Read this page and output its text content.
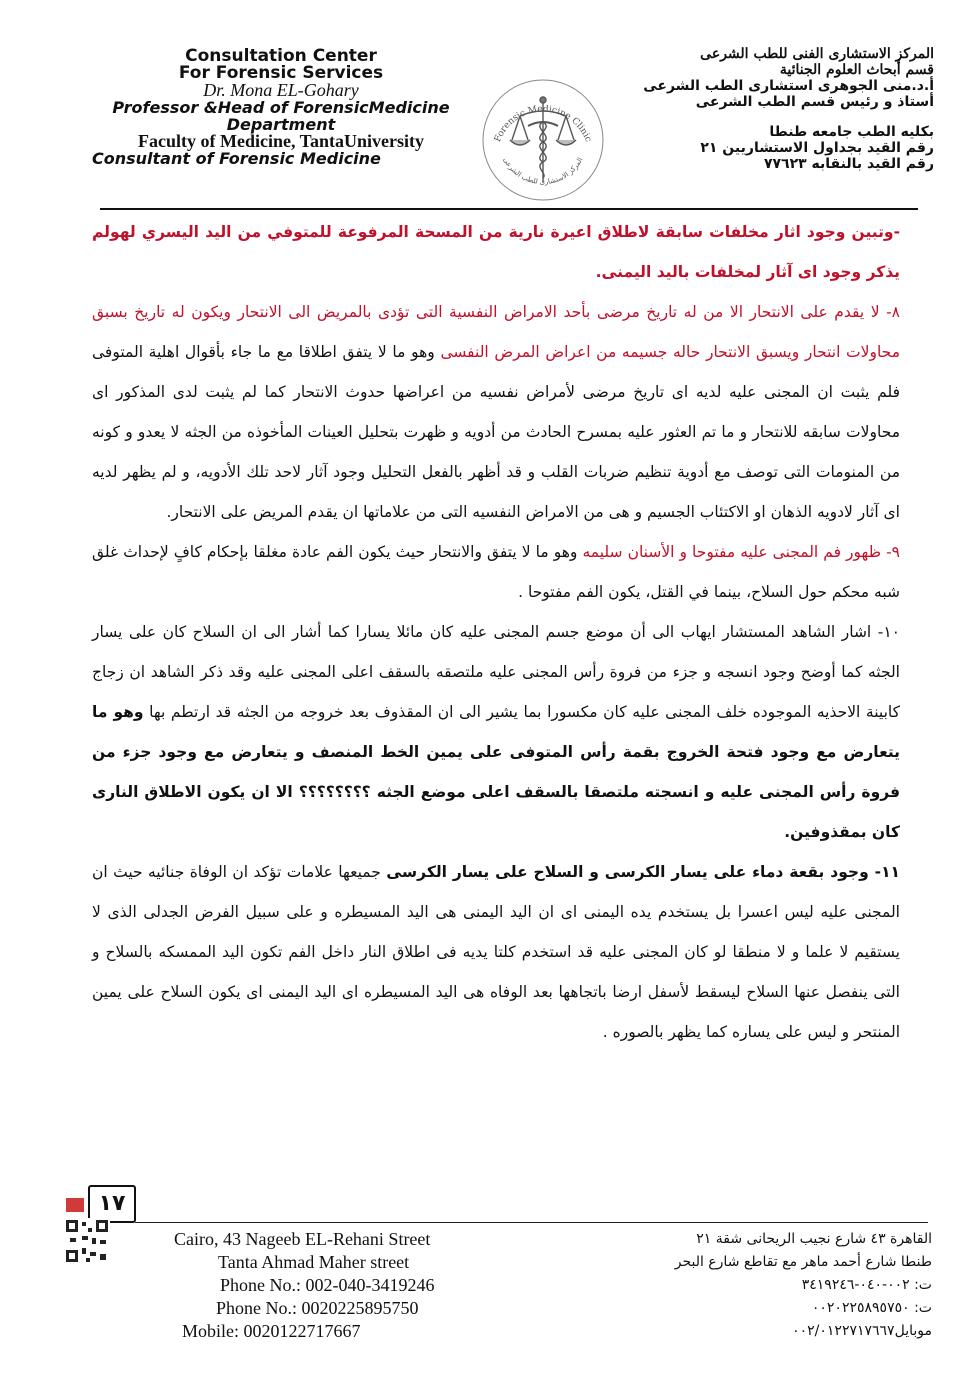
Consultation Center
For Forensic Services
Dr. Mona EL-Gohary
Professor &Head of ForensicMedicine
Department
Faculty of Medicine, TantaUniversity
Consultant of Forensic Medicine
Forensic Medicine Clinic
المركز الاستشارى للطب الشرعى
المركز الاستشارى الفنى للطب الشرعى
قسم أبحاث العلوم الجنائية
أ.د.منى الجوهرى استشارى الطب الشرعى
أستاذ و رئيس قسم الطب الشرعى
بكليه الطب جامعه طنطا
رقم القيد بجداول الاستشاريين ٢١
رقم القيد بالنقابه ٧٧٦٢٣

-وتبين وجود اثار مخلفات سابقة لاطلاق اعيرة نارية من المسحة المرفوعة للمتوفي من اليد اليسري لهولم يذكر وجود اى آثار لمخلفات باليد اليمنى.

٨- لا يقدم على الانتحار الا من له تاريخ مرضى بأحد الامراض النفسية التى تؤدى بالمريض الى الانتحار ويكون له تاريخ بسبق محاولات انتحار ويسبق الانتحار حاله جسيمه من اعراض المرض النفسى وهو ما لا يتفق اطلاقا مع ما جاء بأقوال اهلية المتوفى فلم يثبت ان المجنى عليه لديه اى تاريخ مرضى لأمراض نفسيه من اعراضها حدوث الانتحار كما لم يثبت لدى المذكور اى محاولات سابقه للانتحار و ما تم العثور عليه بمسرح الحادث من أدويه و ظهرت بتحليل العينات المأخوذه من الجثه لا يعدو و كونه من المنومات التى توصف مع أدوية تنظيم ضربات القلب و قد أظهر بالفعل التحليل وجود آثار لاحد تلك الأدويه، و لم يظهر لديه اى آثار لادويه الذهان او الاكتئاب الجسيم و هى من الامراض النفسيه التى من علاماتها ان يقدم المريض على الانتحار.

٩- ظهور فم المجنى عليه مفتوحا و الأسنان سليمه وهو ما لا يتفق والانتحار حيث يكون الفم عادة مغلقا بإحكام كافٍ لإحداث غلق شبه محكم حول السلاح، بينما في القتل، يكون الفم مفتوحا .

١٠- اشار الشاهد المستشار ايهاب الى أن موضع جسم المجنى عليه كان مائلا يسارا كما أشار الى ان السلاح كان على يسار الجثه كما أوضح وجود انسجه و جزء من فروة رأس المجنى عليه ملتصقه بالسقف اعلى المجنى عليه وقد ذكر الشاهد ان زجاج كابينة الاحذيه الموجوده خلف المجنى عليه كان مكسورا بما يشير الى ان المقذوف بعد خروجه من الجثه قد ارتطم بها وهو ما يتعارض مع وجود فتحة الخروج بقمة رأس المتوفى على يمين الخط المنصف و يتعارض مع وجود جزء من فروة رأس المجنى عليه و انسجته ملتصقا بالسقف اعلى موضع الجثه ؟؟؟؟؟؟؟؟ الا ان يكون الاطلاق النارى كان بمقذوفين.

١١- وجود بقعة دماء على يسار الكرسى و السلاح على يسار الكرسى جميعها علامات تؤكد ان الوفاة جنائيه حيث ان المجنى عليه ليس اعسرا بل يستخدم يده اليمنى اى ان اليد اليمنى هى اليد المسيطره و على سبيل الفرض الجدلى الذى لا يستقيم لا علما و لا منطقا لو كان المجنى عليه قد استخدم كلتا يديه فى اطلاق النار داخل الفم تكون اليد الممسكه بالسلاح و التى ينفصل عنها السلاح ليسقط لأسفل ارضا باتجاهها بعد الوفاه هى اليد المسيطره اى اليد اليمنى اى يكون السلاح على يمين المنتحر و ليس على يساره كما يظهر بالصوره .

١٧
Cairo, 43 Nageeb EL-Rehani Street
Tanta Ahmad Maher street
Phone No.: 002-040-3419246
Phone No.: 0020225895750
Mobile: 0020122717667
القاهرة ٤٣ شارع نجيب الريحانى شقة ٢١
طنطا شارع أحمد ماهر مع تقاطع شارع البحر
ت: ٠٠٢-٠٤٠-٣٤١٩٢٤٦
ت: ٠٠٢٠٢٢٥٨٩٥٧٥٠
موبايل٠٠٢/٠١٢٢٧١٧٦٦٧
